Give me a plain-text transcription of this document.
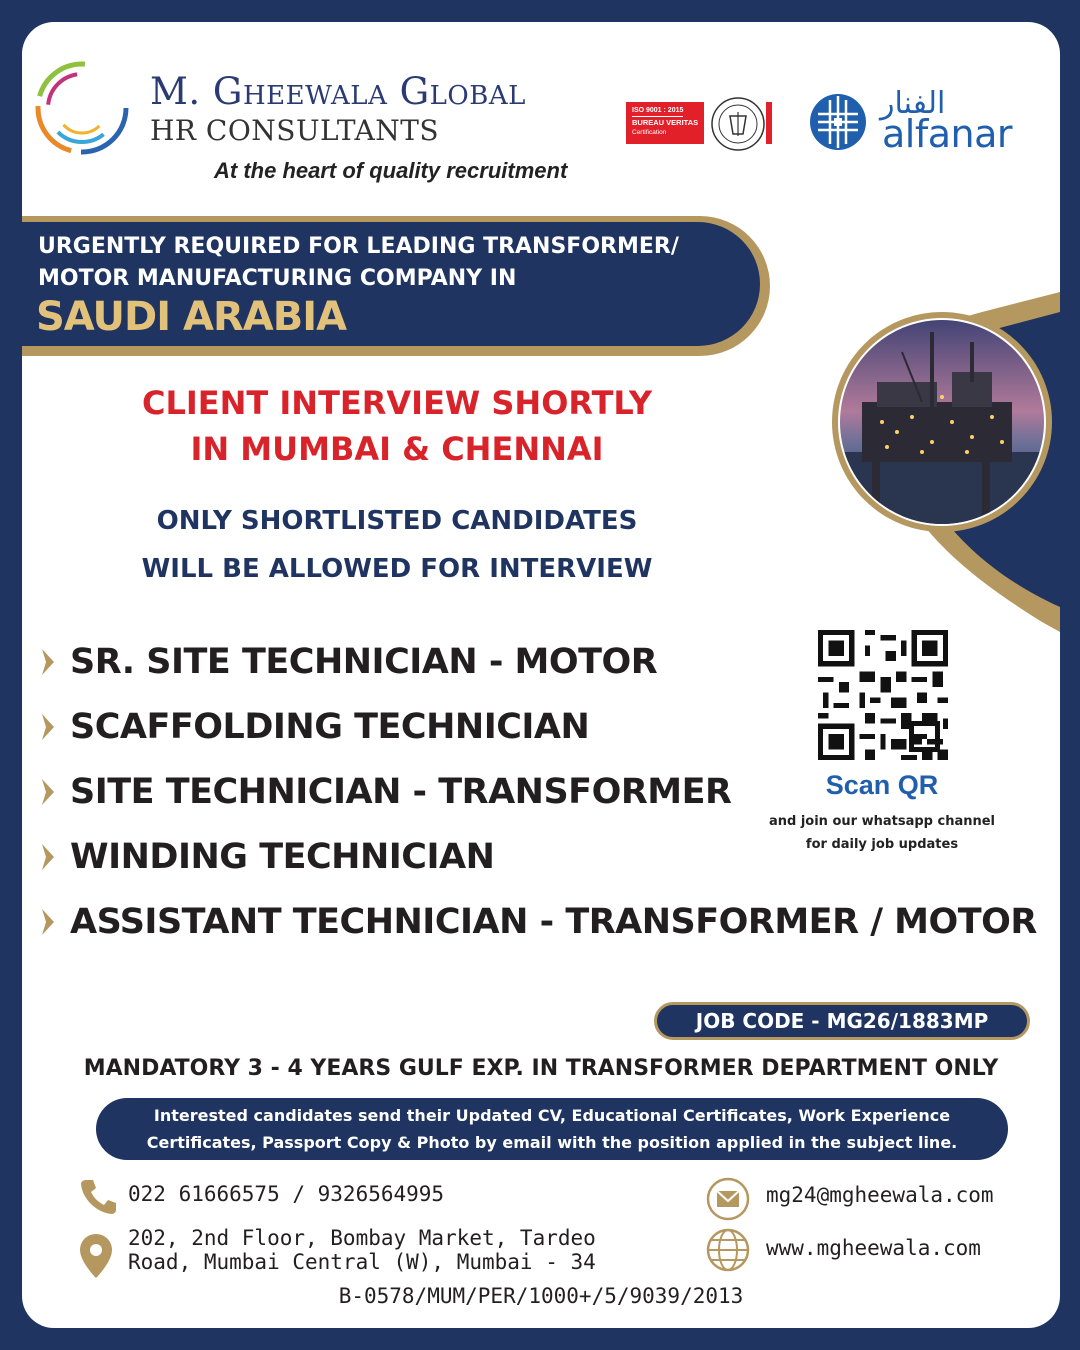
M. Gheewala Global
HR CONSULTANTS
At the heart of quality recruitment
ISO 9001 : 2015
BUREAU VERITAS
Certification
الفنار
alfanar
URGENTLY REQUIRED FOR LEADING TRANSFORMER/
MOTOR MANUFACTURING COMPANY IN
SAUDI ARABIA
CLIENT INTERVIEW SHORTLY
IN MUMBAI & CHENNAI
ONLY SHORTLISTED CANDIDATES
WILL BE ALLOWED FOR INTERVIEW
SR. SITE TECHNICIAN - MOTOR
SCAFFOLDING TECHNICIAN
SITE TECHNICIAN - TRANSFORMER
WINDING TECHNICIAN
ASSISTANT TECHNICIAN - TRANSFORMER / MOTOR
Scan QR
and join our whatsapp channel
for daily job updates
JOB CODE - MG26/1883MP
MANDATORY 3 - 4 YEARS GULF EXP. IN TRANSFORMER DEPARTMENT ONLY
Interested candidates send their Updated CV, Educational Certificates, Work Experience
Certificates, Passport Copy & Photo by email with the position applied in the subject line.
022 61666575 / 9326564995
202, 2nd Floor, Bombay Market, Tardeo
Road, Mumbai Central (W), Mumbai - 34
mg24@mgheewala.com
www.mgheewala.com
B-0578/MUM/PER/1000+/5/9039/2013
